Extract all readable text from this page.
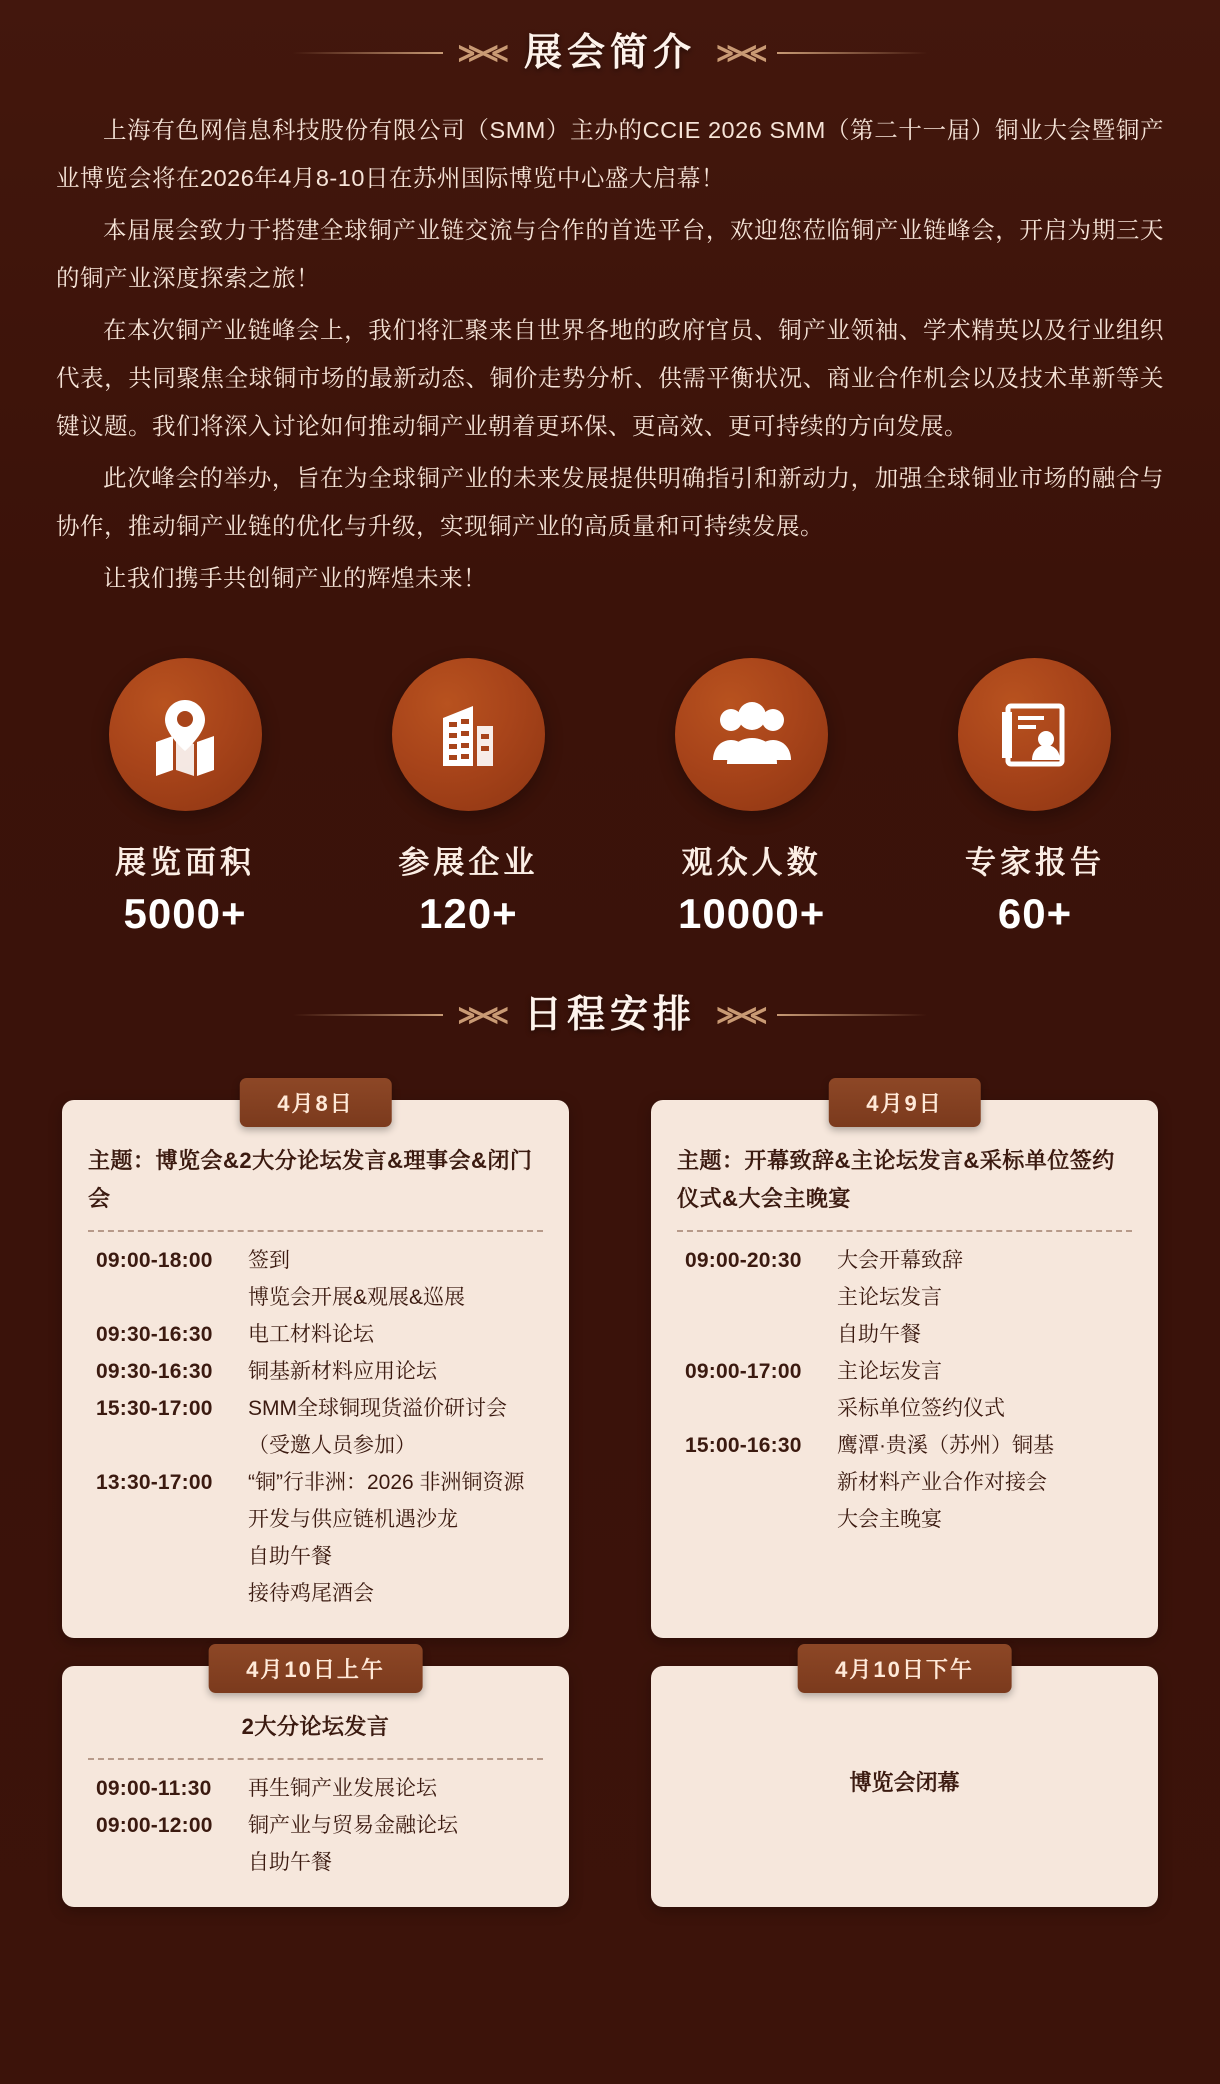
≫≪ 展会简介 ≫≪

上海有色网信息科技股份有限公司（SMM）主办的CCIE 2026 SMM（第二十一届）铜业大会暨铜产业博览会将在2026年4月8-10日在苏州国际博览中心盛大启幕！

本届展会致力于搭建全球铜产业链交流与合作的首选平台，欢迎您莅临铜产业链峰会，开启为期三天的铜产业深度探索之旅！

在本次铜产业链峰会上，我们将汇聚来自世界各地的政府官员、铜产业领袖、学术精英以及行业组织代表，共同聚焦全球铜市场的最新动态、铜价走势分析、供需平衡状况、商业合作机会以及技术革新等关键议题。我们将深入讨论如何推动铜产业朝着更环保、更高效、更可持续的方向发展。

此次峰会的举办，旨在为全球铜产业的未来发展提供明确指引和新动力，加强全球铜业市场的融合与协作，推动铜产业链的优化与升级，实现铜产业的高质量和可持续发展。

让我们携手共创铜产业的辉煌未来！

展览面积
5000+
参展企业
120+
观众人数
10000+
专家报告
60+
≫≪ 日程安排 ≫≪
4月8日
主题：博览会&2大分论坛发言&理事会&闭门会
09:00-18:00	签到
博览会开展&观展&巡展
09:30-16:30	电工材料论坛
09:30-16:30	铜基新材料应用论坛
15:30-17:00	SMM全球铜现货溢价研讨会
（受邀人员参加）
13:30-17:00	“铜”行非洲：2026 非洲铜资源
开发与供应链机遇沙龙
自助午餐
接待鸡尾酒会
4月9日
主题：开幕致辞&主论坛发言&采标单位签约仪式&大会主晚宴
09:00-20:30	大会开幕致辞
主论坛发言
自助午餐
09:00-17:00	主论坛发言
采标单位签约仪式
15:00-16:30	鹰潭·贵溪（苏州）铜基
新材料产业合作对接会
大会主晚宴
4月10日上午
2大分论坛发言
09:00-11:30	再生铜产业发展论坛
09:00-12:00	铜产业与贸易金融论坛
自助午餐
4月10日下午
博览会闭幕
